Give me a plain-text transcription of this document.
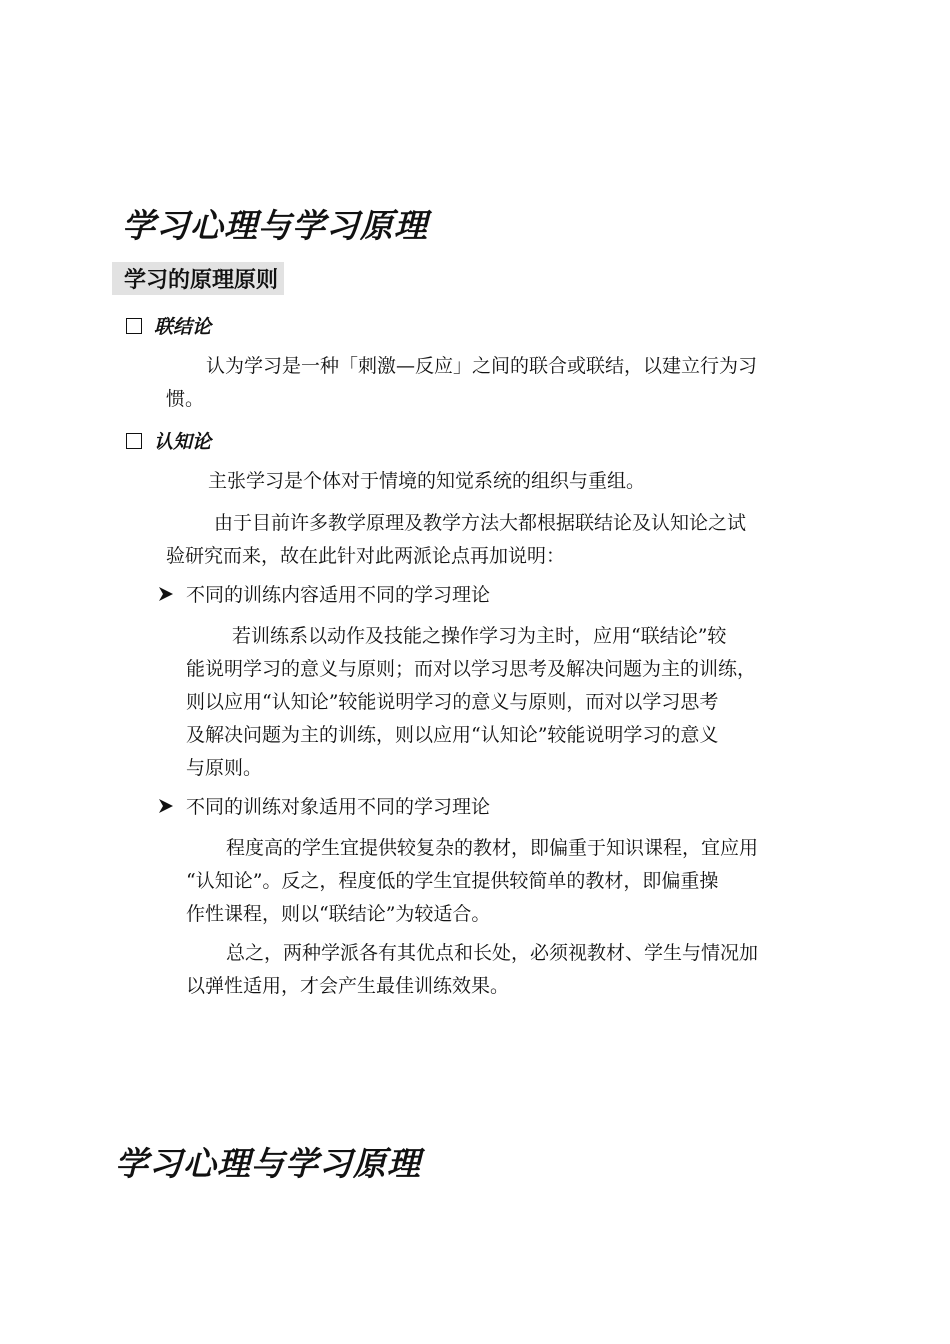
学习心理与学习原理
学习的原理原则
联结论
认为学习是一种「刺激—反应」之间的联合或联结，以建立行为习
惯。
认知论
主张学习是个体对于情境的知觉系统的组织与重组。
由于目前许多教学原理及教学方法大都根据联结论及认知论之试
验研究而来，故在此针对此两派论点再加说明：
不同的训练内容适用不同的学习理论
若训练系以动作及技能之操作学习为主时，应用“联结论”较
能说明学习的意义与原则；而对以学习思考及解决问题为主的训练，
则以应用“认知论”较能说明学习的意义与原则，而对以学习思考
及解决问题为主的训练，则以应用“认知论”较能说明学习的意义
与原则。
不同的训练对象适用不同的学习理论
程度高的学生宜提供较复杂的教材，即偏重于知识课程，宜应用
“认知论”。反之，程度低的学生宜提供较简单的教材，即偏重操
作性课程，则以“联结论”为较适合。
总之，两种学派各有其优点和长处，必须视教材、学生与情况加
以弹性适用，才会产生最佳训练效果。
学习心理与学习原理
